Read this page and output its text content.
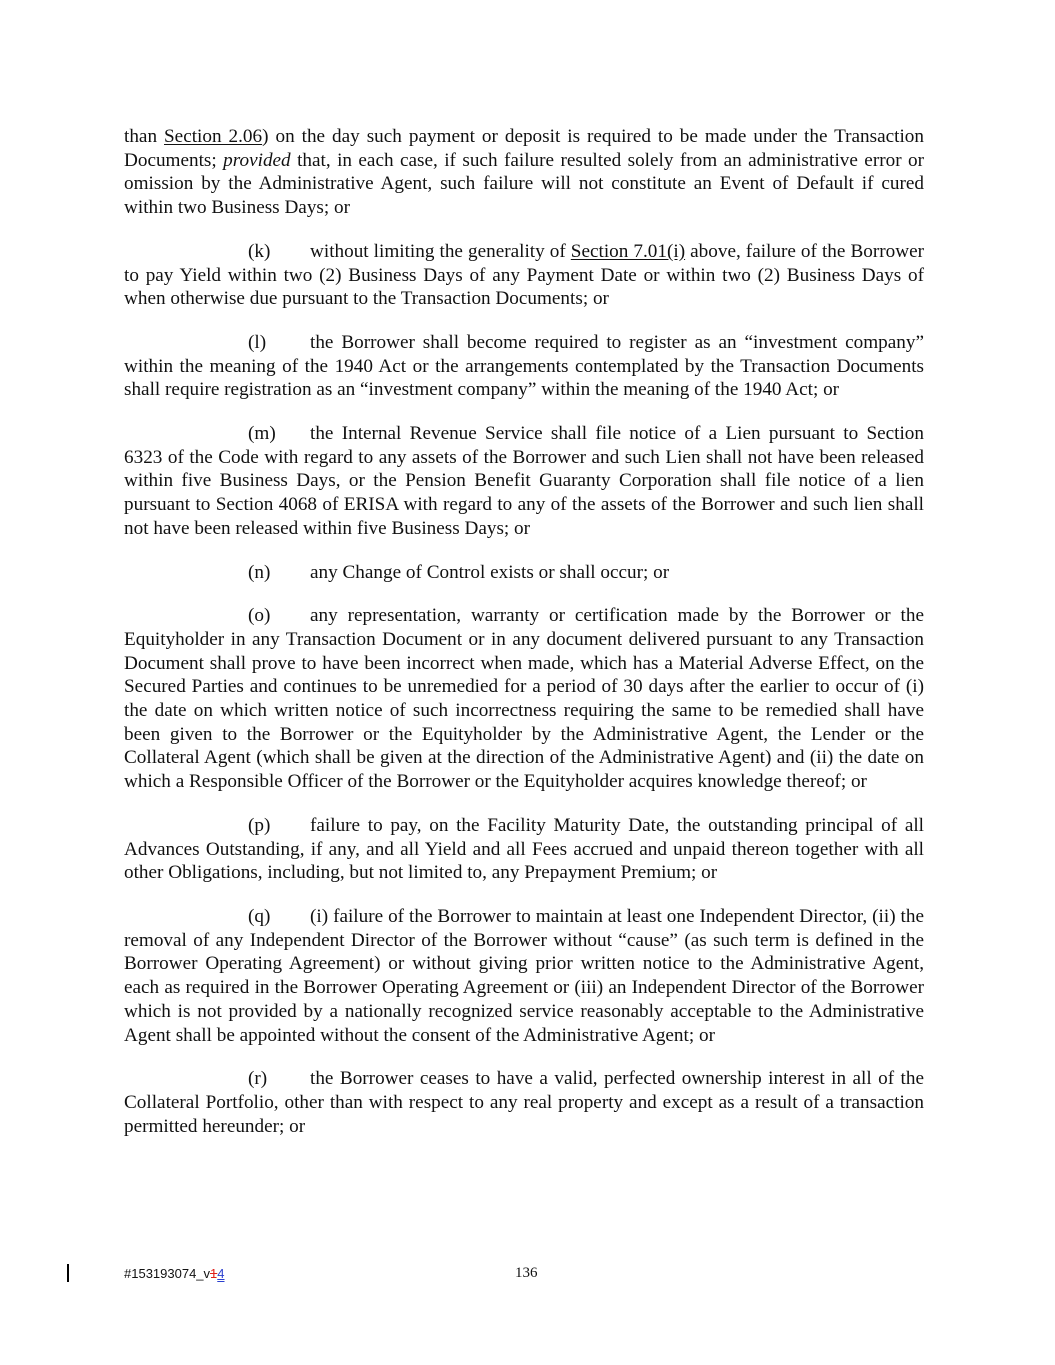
than Section 2.06) on the day such payment or deposit is required to be made under the Transaction Documents; provided that, in each case, if such failure resulted solely from an administrative error or omission by the Administrative Agent, such failure will not constitute an Event of Default if cured within two Business Days; or

(k) without limiting the generality of Section 7.01(i) above, failure of the Borrower to pay Yield within two (2) Business Days of any Payment Date or within two (2) Business Days of when otherwise due pursuant to the Transaction Documents; or

(l) the Borrower shall become required to register as an “investment company” within the meaning of the 1940 Act or the arrangements contemplated by the Transaction Documents shall require registration as an “investment company” within the meaning of the 1940 Act; or

(m) the Internal Revenue Service shall file notice of a Lien pursuant to Section 6323 of the Code with regard to any assets of the Borrower and such Lien shall not have been released within five Business Days, or the Pension Benefit Guaranty Corporation shall file notice of a lien pursuant to Section 4068 of ERISA with regard to any of the assets of the Borrower and such lien shall not have been released within five Business Days; or

(n) any Change of Control exists or shall occur; or

(o) any representation, warranty or certification made by the Borrower or the Equityholder in any Transaction Document or in any document delivered pursuant to any Transaction Document shall prove to have been incorrect when made, which has a Material Adverse Effect, on the Secured Parties and continues to be unremedied for a period of 30 days after the earlier to occur of (i) the date on which written notice of such incorrectness requiring the same to be remedied shall have been given to the Borrower or the Equityholder by the Administrative Agent, the Lender or the Collateral Agent (which shall be given at the direction of the Administrative Agent) and (ii) the date on which a Responsible Officer of the Borrower or the Equityholder acquires knowledge thereof; or

(p) failure to pay, on the Facility Maturity Date, the outstanding principal of all Advances Outstanding, if any, and all Yield and all Fees accrued and unpaid thereon together with all other Obligations, including, but not limited to, any Prepayment Premium; or

(q) (i) failure of the Borrower to maintain at least one Independent Director, (ii) the removal of any Independent Director of the Borrower without “cause” (as such term is defined in the Borrower Operating Agreement) or without giving prior written notice to the Administrative Agent, each as required in the Borrower Operating Agreement or (iii) an Independent Director of the Borrower which is not provided by a nationally recognized service reasonably acceptable to the Administrative Agent shall be appointed without the consent of the Administrative Agent; or

(r) the Borrower ceases to have a valid, perfected ownership interest in all of the Collateral Portfolio, other than with respect to any real property and except as a result of a transaction permitted hereunder; or

#153193074_v14	136
